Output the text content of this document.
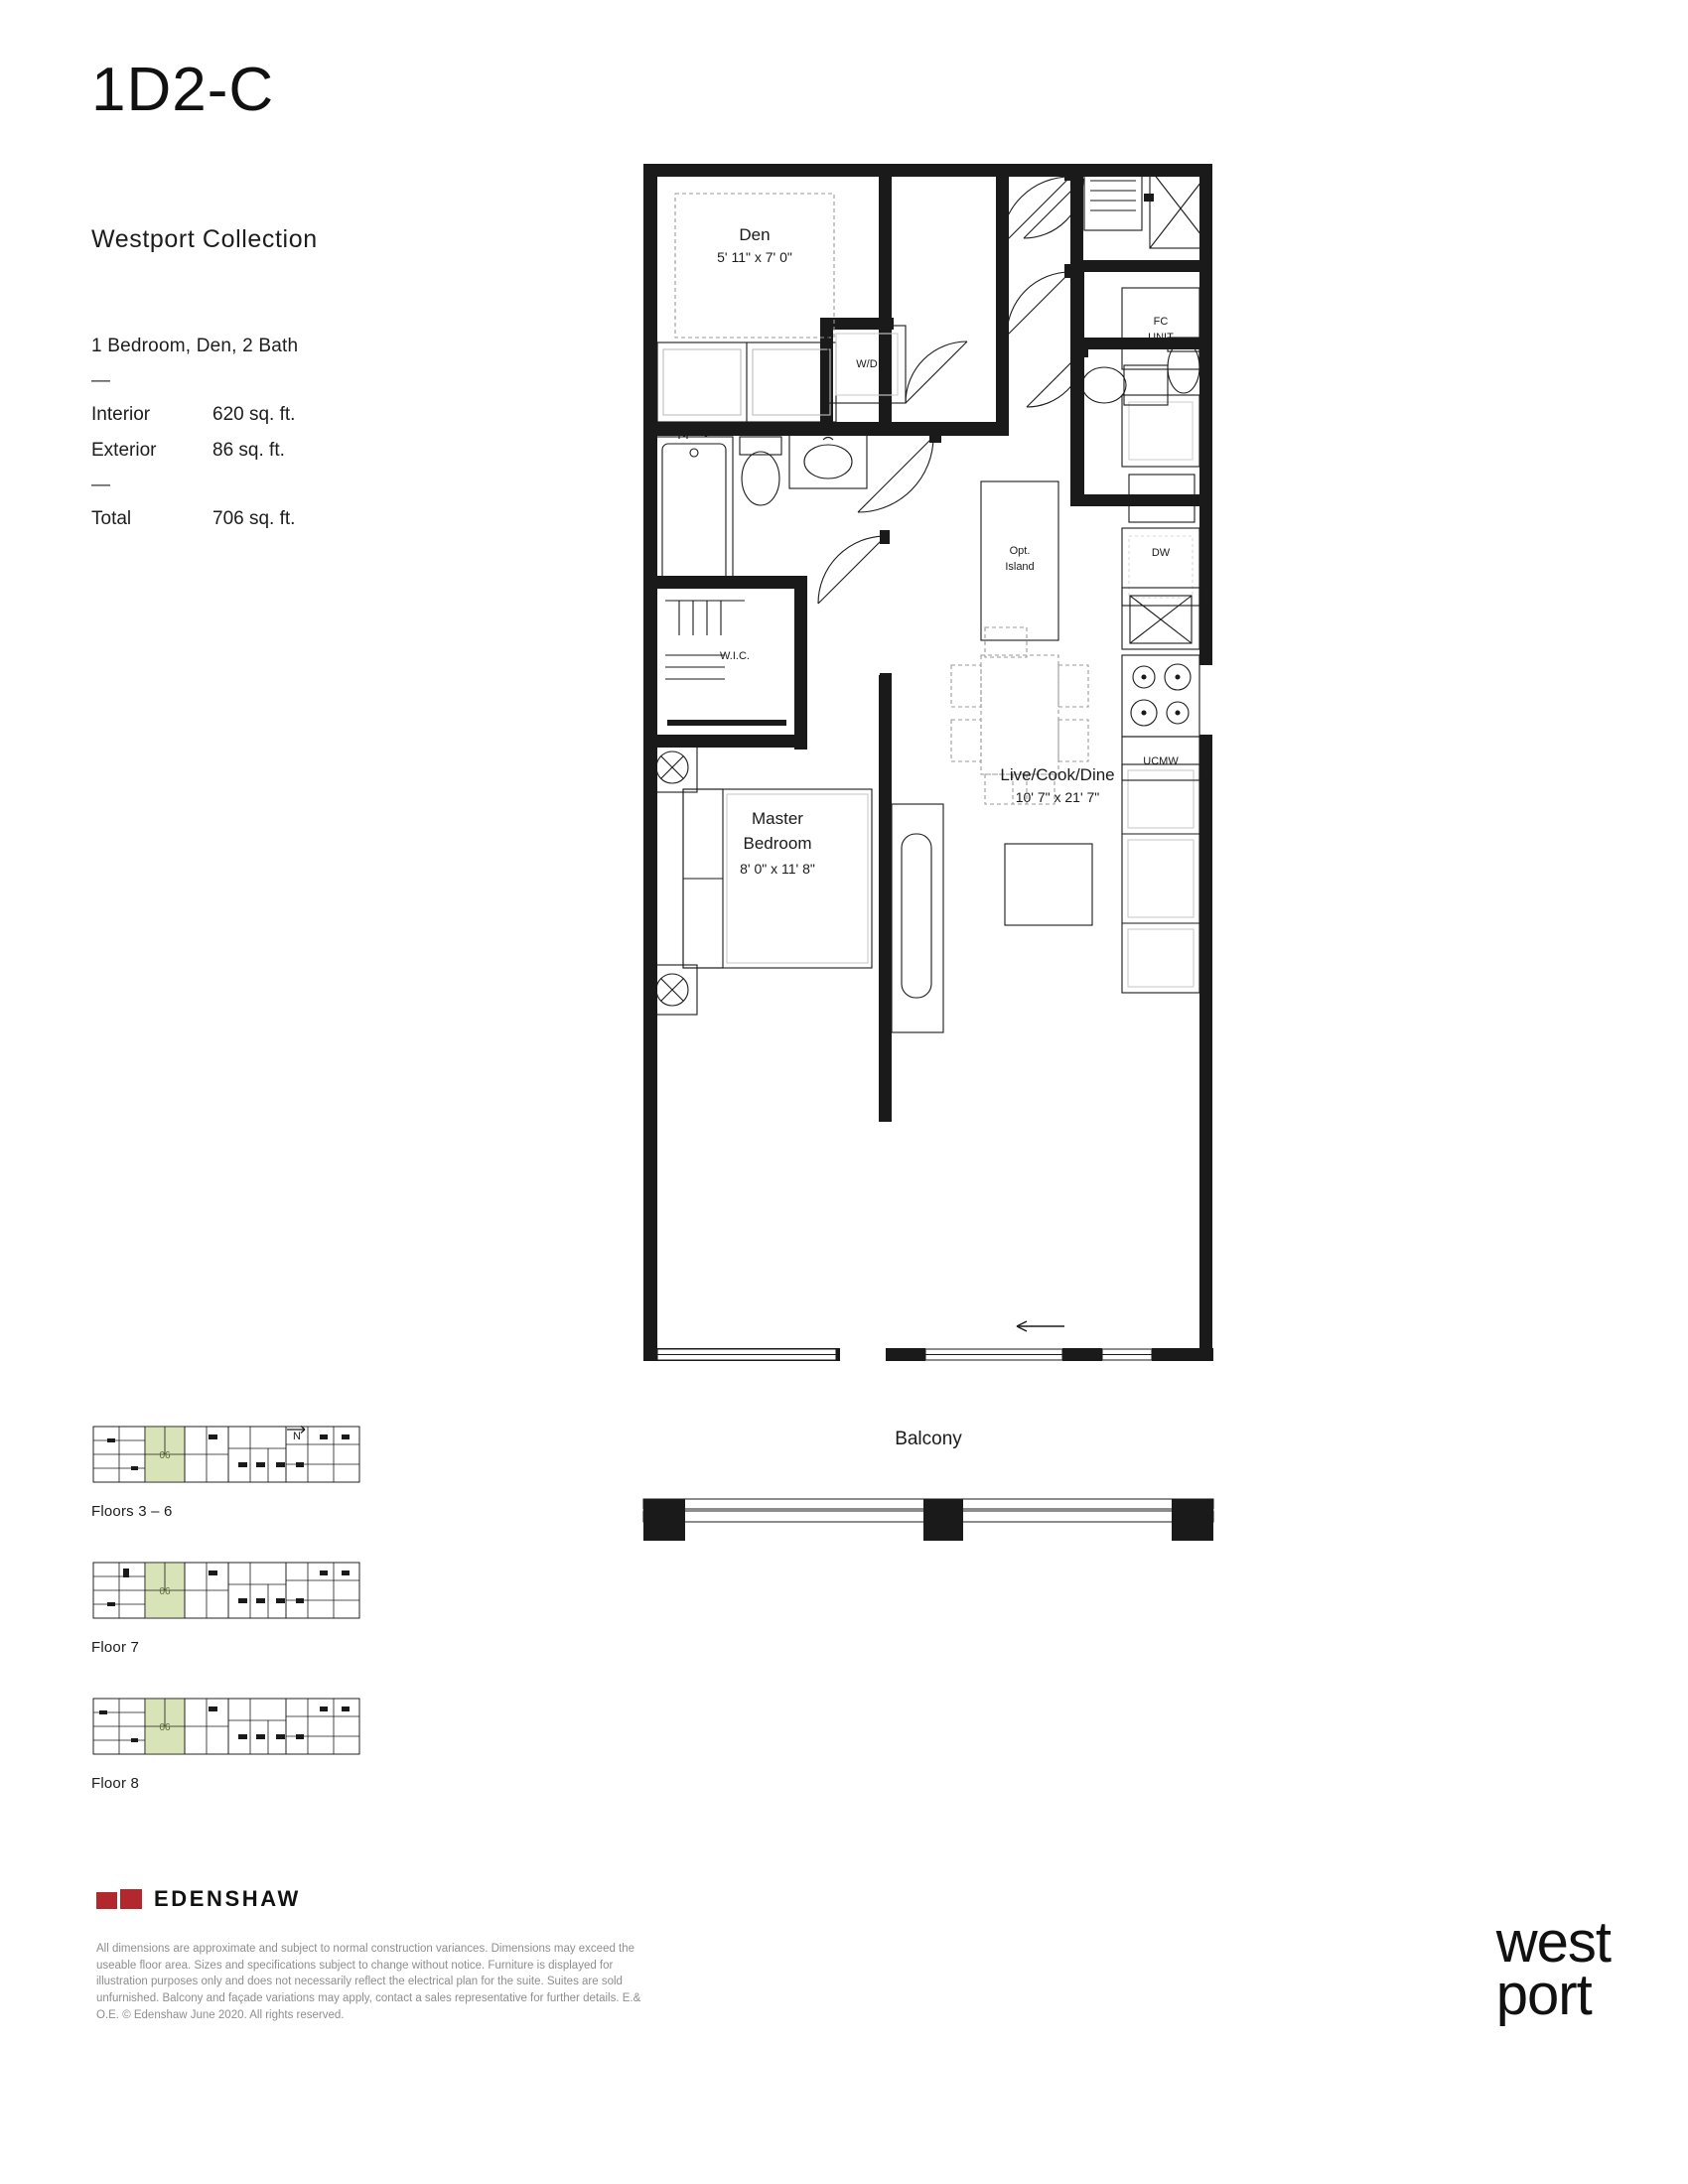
1D2-C
Westport Collection
1 Bedroom, Den, 2 Bath
—
Interior	620 sq. ft.
Exterior	86 sq. ft.
—
Total	706 sq. ft.
06
Floors 3 – 6
06
Floor 7
06
Floor 8
N
EDENSHAW
All dimensions are approximate and subject to normal construction variances. Dimensions may exceed the useable floor area. Sizes and specifications subject to change without notice. Furniture is displayed for illustration purposes only and does not necessarily reflect the electrical plan for the suite. Suites are sold unfurnished. Balcony and façade variations may apply, contact a sales representative for further details. E.& O.E. © Edenshaw June 2020. All rights reserved.
west
port
Den
5' 11" x 7' 0"
W/D
W.I.C.
Master
Bedroom
8' 0" x 11' 8"
Live/Cook/Dine
10' 7" x 21' 7"
Opt.
Island
FC
UNIT
F
DW
UCMW
Balcony
